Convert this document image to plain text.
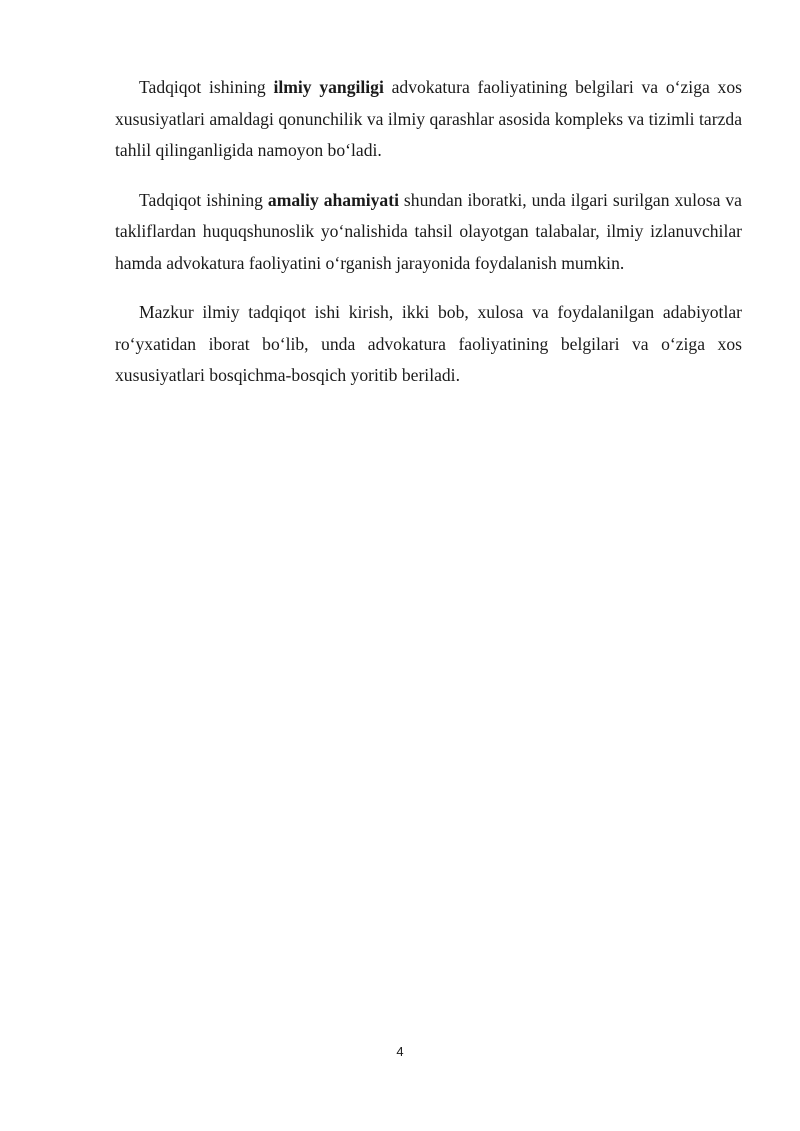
Tadqiqot ishining ilmiy yangiligi advokatura faoliyatining belgilari va o‘ziga xos xususiyatlari amaldagi qonunchilik va ilmiy qarashlar asosida kompleks va tizimli tarzda tahlil qilinganligida namoyon bo‘ladi.

Tadqiqot ishining amaliy ahamiyati shundan iboratki, unda ilgari surilgan xulosa va takliflardan huquqshunoslik yo‘nalishida tahsil olayotgan talabalar, ilmiy izlanuvchilar hamda advokatura faoliyatini o‘rganish jarayonida foydalanish mumkin.

Mazkur ilmiy tadqiqot ishi kirish, ikki bob, xulosa va foydalanilgan adabiyotlar ro‘yxatidan iborat bo‘lib, unda advokatura faoliyatining belgilari va o‘ziga xos xususiyatlari bosqichma-bosqich yoritib beriladi.

4
